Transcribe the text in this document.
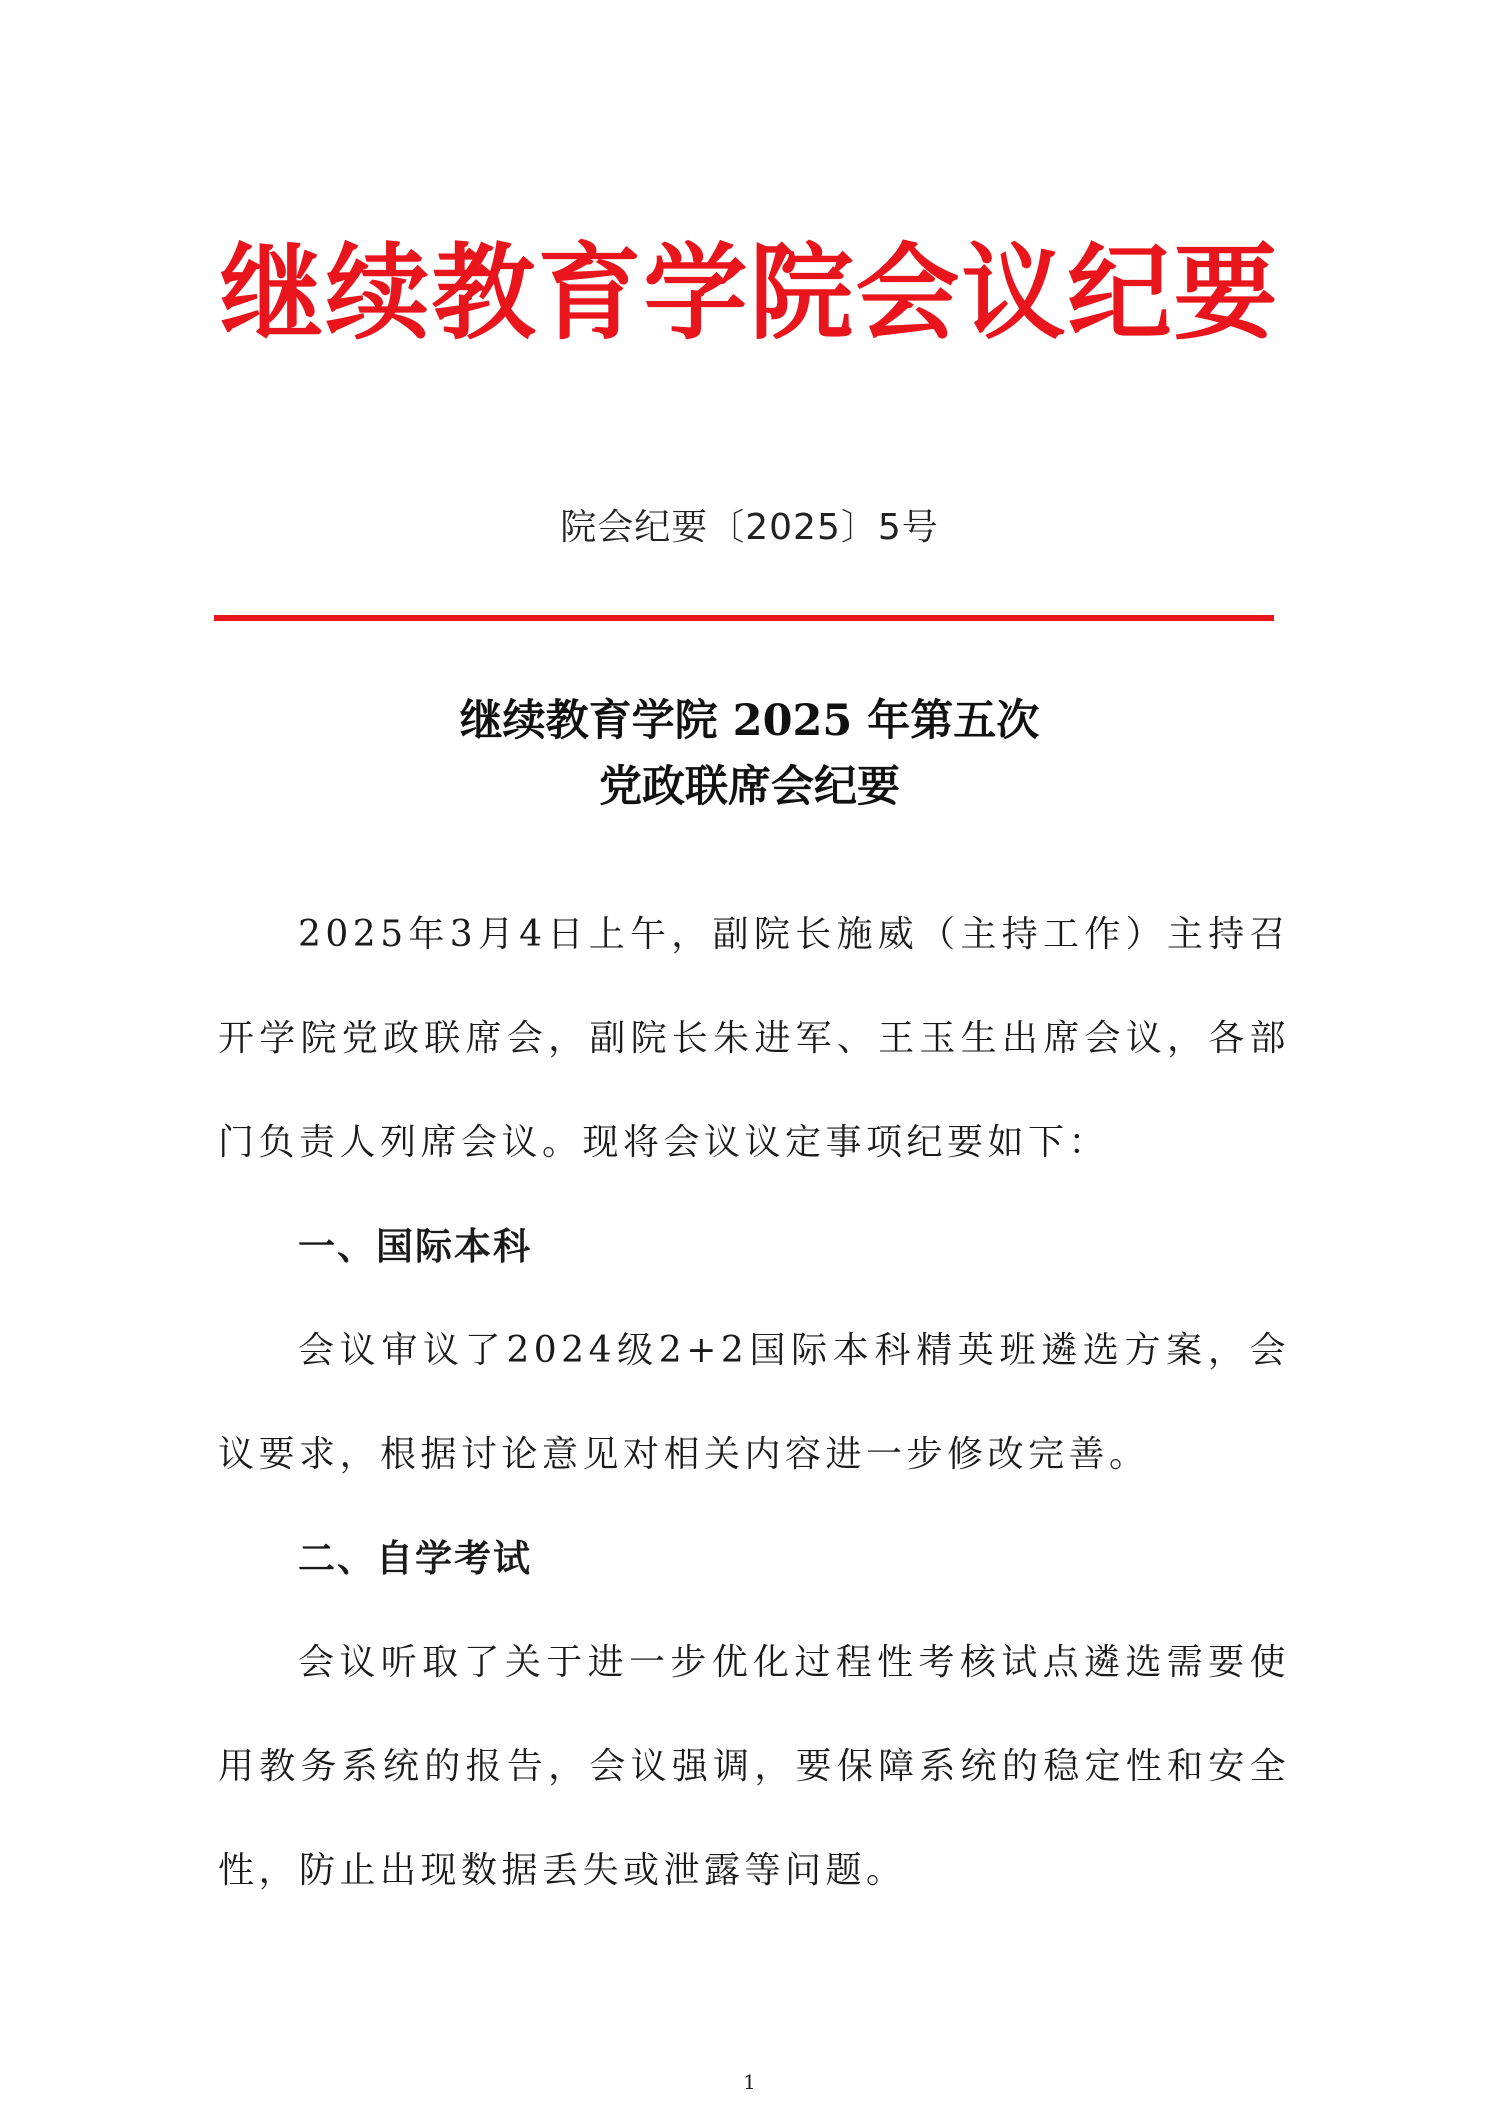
继续教育学院会议纪要
院会纪要〔2025〕5号
继续教育学院 2025 年第五次
党政联席会纪要

2025年3月4日上午，副院长施威（主持工作）主持召开学院党政联席会，副院长朱进军、王玉生出席会议，各部门负责人列席会议。现将会议议定事项纪要如下：

一、国际本科

会议审议了2024级2+2国际本科精英班遴选方案，会议要求，根据讨论意见对相关内容进一步修改完善。

二、自学考试

会议听取了关于进一步优化过程性考核试点遴选需要使用教务系统的报告，会议强调，要保障系统的稳定性和安全性，防止出现数据丢失或泄露等问题。

1
